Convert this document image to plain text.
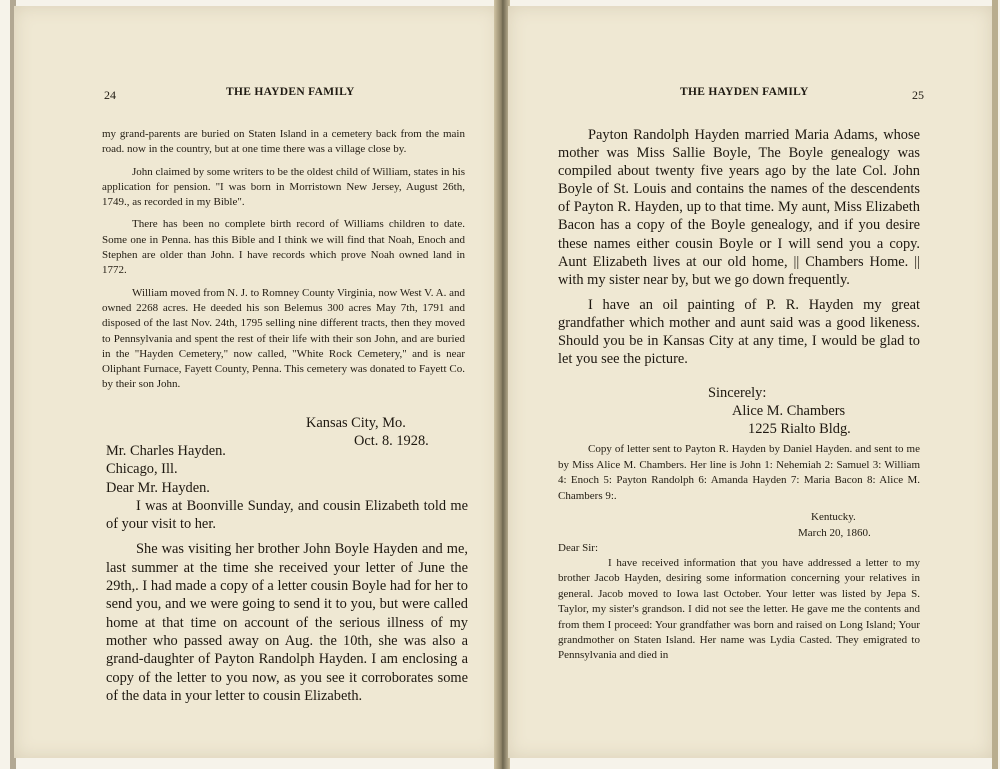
24	THE HAYDEN FAMILY

my grand-parents are buried on Staten Island in a cemetery back from the main road. now in the country, but at one time there was a village close by.

John claimed by some writers to be the oldest child of William, states in his application for pension. "I was born in Morristown New Jersey, August 26th, 1749., as recorded in my Bible".

There has been no complete birth record of Williams children to date. Some one in Penna. has this Bible and I think we will find that Noah, Enoch and Stephen are older than John. I have records which prove Noah owned land in 1772.

William moved from N. J. to Romney County Virginia, now West V. A. and owned 2268 acres. He deeded his son Belemus 300 acres May 7th, 1791 and disposed of the last Nov. 24th, 1795 selling nine different tracts, then they moved to Pennsylvania and spent the rest of their life with their son John, and are buried in the "Hayden Cemetery," now called, "White Rock Cemetery," and is near Oliphant Furnace, Fayett County, Penna. This cemetery was donated to Fayett Co. by their son John.

Kansas City, Mo.
Oct. 8. 1928.
Mr. Charles Hayden.
Chicago, Ill.
Dear Mr. Hayden.

I was at Boonville Sunday, and cousin Elizabeth told me of your visit to her.

She was visiting her brother John Boyle Hayden and me, last summer at the time she received your letter of June the 29th,. I had made a copy of a letter cousin Boyle had for her to send you, and we were going to send it to you, but were called home at that time on account of the serious illness of my mother who passed away on Aug. the 10th, she was also a grand-daughter of Payton Randolph Hayden. I am enclosing a copy of the letter to you now, as you see it corroborates some of the data in your letter to cousin Elizabeth.

THE HAYDEN FAMILY	25

Payton Randolph Hayden married Maria Adams, whose mother was Miss Sallie Boyle, The Boyle genealogy was compiled about twenty five years ago by the late Col. John Boyle of St. Louis and contains the names of the descendents of Payton R. Hayden, up to that time. My aunt, Miss Elizabeth Bacon has a copy of the Boyle genealogy, and if you desire these names either cousin Boyle or I will send you a copy. Aunt Elizabeth lives at our old home, || Chambers Home. || with my sister near by, but we go down frequently.

I have an oil painting of P. R. Hayden my great grandfather which mother and aunt said was a good likeness. Should you be in Kansas City at any time, I would be glad to let you see the picture.

Sincerely:
Alice M. Chambers
1225 Rialto Bldg.

Copy of letter sent to Payton R. Hayden by Daniel Hayden. and sent to me by Miss Alice M. Chambers. Her line is John 1: Nehemiah 2: Samuel 3: William 4: Enoch 5: Payton Randolph 6: Amanda Hayden 7: Maria Bacon 8: Alice M. Chambers 9:.

Kentucky.
March 20, 1860.
Dear Sir:

I have received information that you have addressed a letter to my brother Jacob Hayden, desiring some information concerning your relatives in general. Jacob moved to Iowa last October. Your letter was listed by Jepa S. Taylor, my sister's grandson. I did not see the letter. He gave me the contents and from them I proceed: Your grandfather was born and raised on Long Island; Your grandmother on Staten Island. Her name was Lydia Casted. They emigrated to Pennsylvania and died in
